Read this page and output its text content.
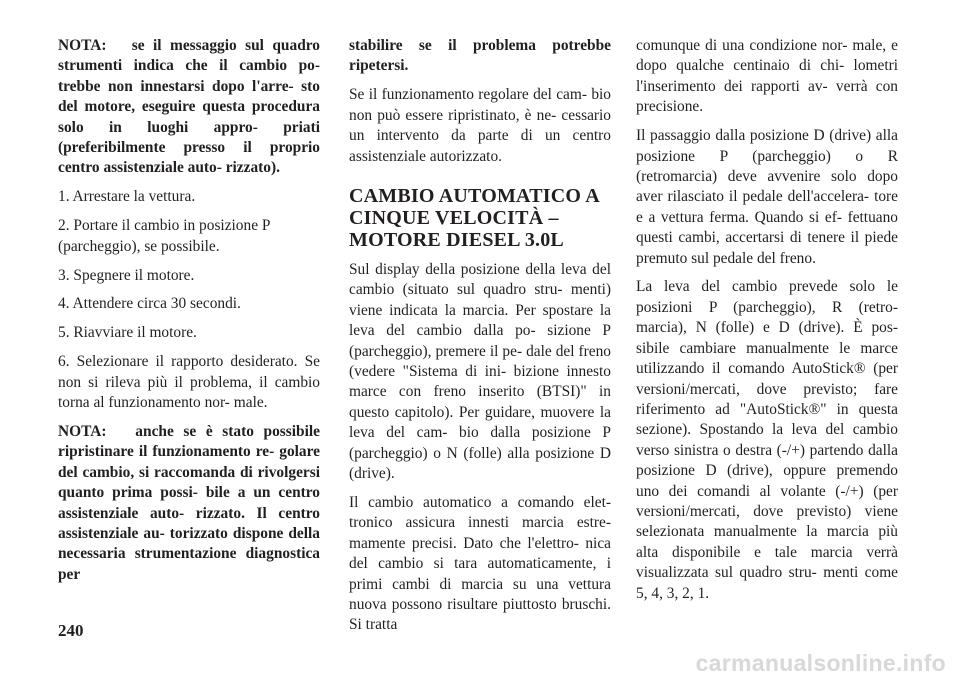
NOTA:   se il messaggio sul quadro strumenti indica che il cambio po- trebbe non innestarsi dopo l'arre- sto del motore, eseguire questa procedura solo in luoghi appro- priati (preferibilmente presso il proprio centro assistenziale auto- rizzato).

1. Arrestare la vettura.

2. Portare il cambio in posizione P (parcheggio), se possibile.

3. Spegnere il motore.

4. Attendere circa 30 secondi.

5. Riavviare il motore.

6. Selezionare il rapporto desiderato. Se non si rileva più il problema, il cambio torna al funzionamento nor- male.

NOTA:   anche se è stato possibile ripristinare il funzionamento re- golare del cambio, si raccomanda di rivolgersi quanto prima possi- bile a un centro assistenziale auto- rizzato. Il centro assistenziale au- torizzato dispone della necessaria strumentazione diagnostica per

stabilire se il problema potrebbe ripetersi.

Se il funzionamento regolare del cam- bio non può essere ripristinato, è ne- cessario un intervento da parte di un centro assistenziale autorizzato.

CAMBIO AUTOMATICO A CINQUE VELOCITÀ – MOTORE DIESEL 3.0L

Sul display della posizione della leva del cambio (situato sul quadro stru- menti) viene indicata la marcia. Per spostare la leva del cambio dalla po- sizione P (parcheggio), premere il pe- dale del freno (vedere "Sistema di ini- bizione innesto marce con freno inserito (BTSI)" in questo capitolo). Per guidare, muovere la leva del cam- bio dalla posizione P (parcheggio) o N (folle) alla posizione D (drive).

Il cambio automatico a comando elet- tronico assicura innesti marcia estre- mamente precisi. Dato che l'elettro- nica del cambio si tara automaticamente, i primi cambi di marcia su una vettura nuova possono risultare piuttosto bruschi. Si tratta

comunque di una condizione nor- male, e dopo qualche centinaio di chi- lometri l'inserimento dei rapporti av- verrà con precisione.

Il passaggio dalla posizione D (drive) alla posizione P (parcheggio) o R (retromarcia) deve avvenire solo dopo aver rilasciato il pedale dell'accelera- tore e a vettura ferma. Quando si ef- fettuano questi cambi, accertarsi di tenere il piede premuto sul pedale del freno.

La leva del cambio prevede solo le posizioni P (parcheggio), R (retro- marcia), N (folle) e D (drive). È pos- sibile cambiare manualmente le marce utilizzando il comando AutoStick® (per versioni/mercati, dove previsto; fare riferimento ad "AutoStick®" in questa sezione). Spostando la leva del cambio verso sinistra o destra (-/+) partendo dalla posizione D (drive), oppure premendo uno dei comandi al volante (-/+) (per versioni/mercati, dove previsto) viene selezionata manualmente la marcia più alta disponibile e tale marcia verrà visualizzata sul quadro stru- menti come 5, 4, 3, 2, 1.

240
carmanualsonline.info
